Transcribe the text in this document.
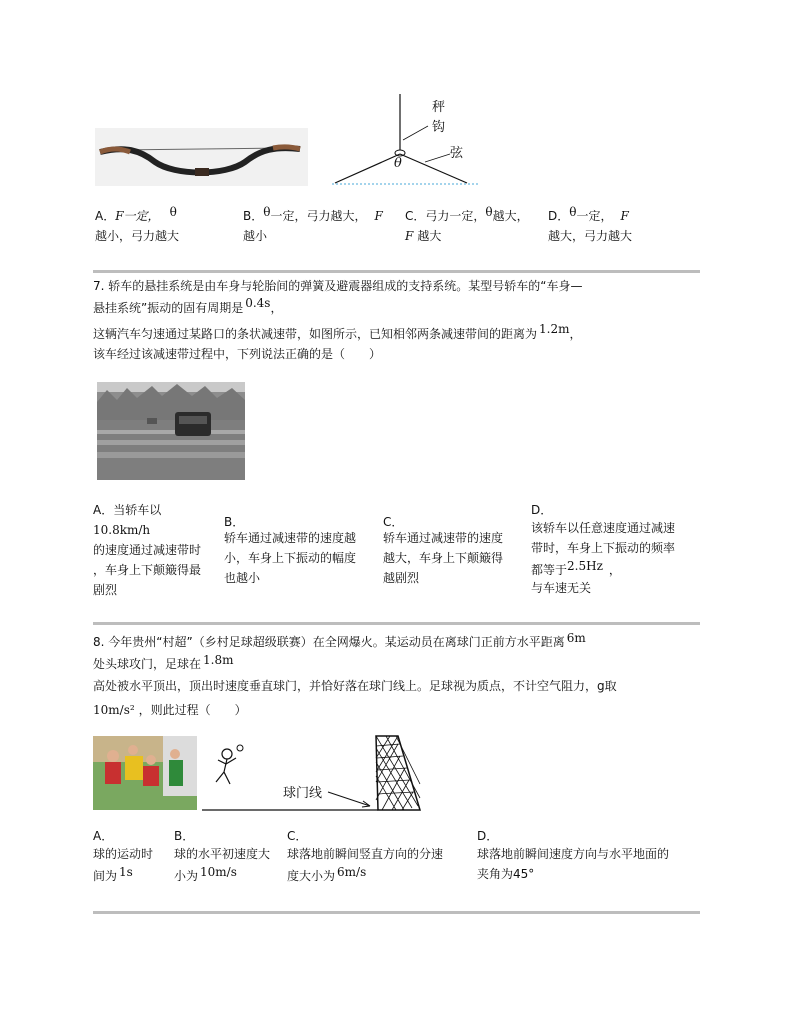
秤
钩
弦
θ
A．F一定， θ
越小，弓力越大
B．θ一定，弓力越大， F
越小
C．弓力一定，θ越大，
F 越大
D．θ一定， F
越大，弓力越大
7. 轿车的悬挂系统是由车身与轮胎间的弹簧及避震器组成的支持系统。某型号轿车的“车身—
悬挂系统”振动的固有周期是 0.4s，
这辆汽车匀速通过某路口的条状减速带，如图所示，已知相邻两条减速带间的距离为 1.2m，
该车经过该减速带过程中，下列说法正确的是（　　）
A．当轿车以
10.8km/h
的速度通过减速带时
，车身上下颠簸得最
剧烈
B．
轿车通过减速带的速度越
小，车身上下振动的幅度
也越小
C．
轿车通过减速带的速度
越大，车身上下颠簸得
越剧烈
D．
该轿车以任意速度通过减速
带时，车身上下振动的频率
都等于2.5Hz ，
与车速无关
8. 今年贵州“村超”（乡村足球超级联赛）在全网爆火。某运动员在离球门正前方水平距离 6m
处头球攻门，足球在 1.8m
高处被水平顶出，顶出时速度垂直球门，并恰好落在球门线上。足球视为质点，不计空气阻力，g取
10m/s² ，则此过程（　　）
球门线
A．
球的运动时
间为 1s
B．
球的水平初速度大
小为 10m/s
C．
球落地前瞬间竖直方向的分速
度大小为 6m/s
D．
球落地前瞬间速度方向与水平地面的
夹角为45°
